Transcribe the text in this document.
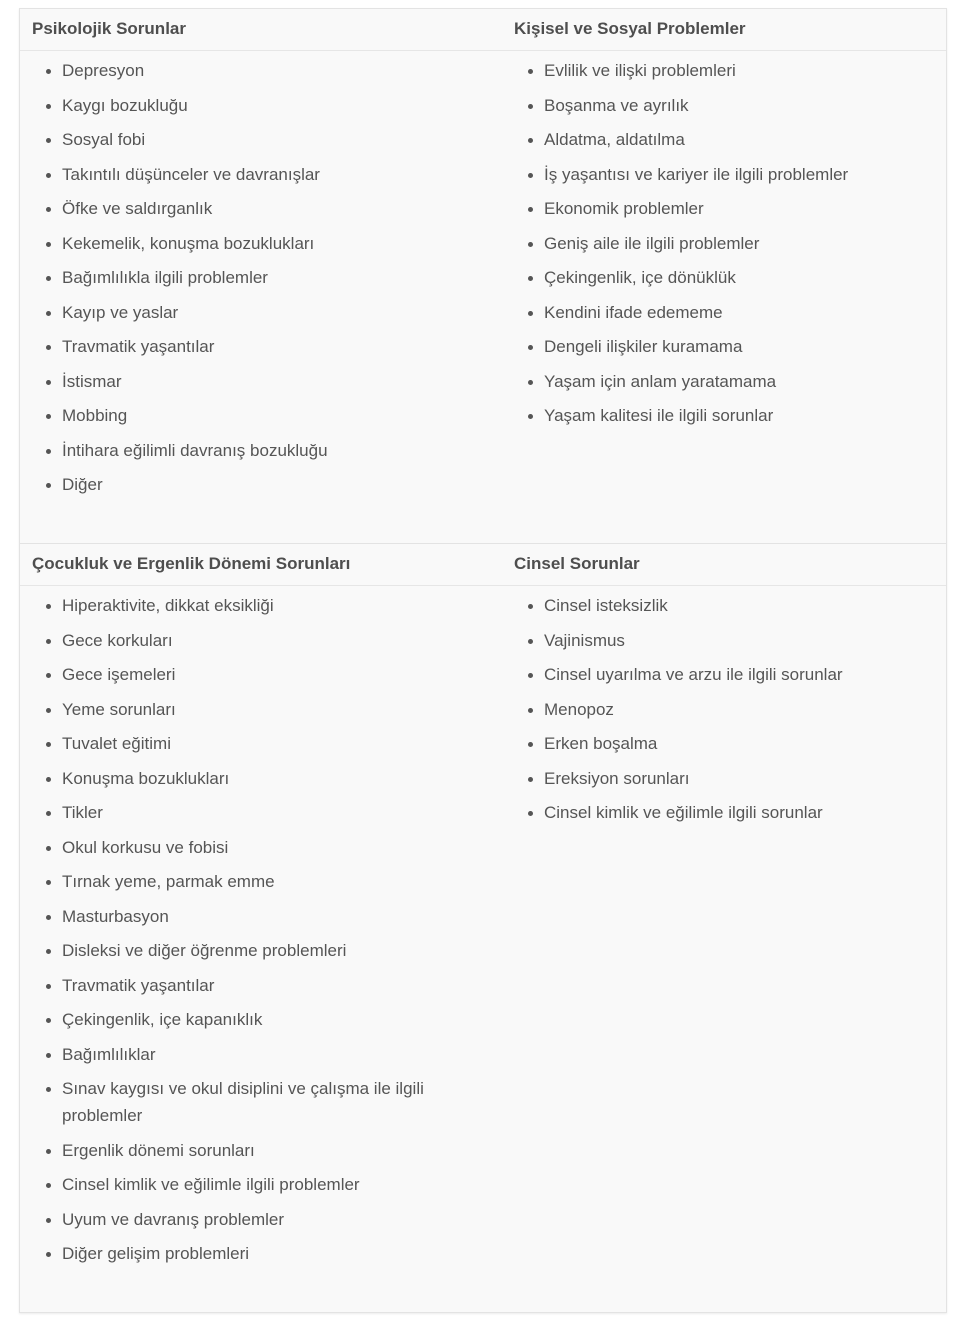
Psikolojik Sorunlar
Depresyon
Kaygı bozukluğu
Sosyal fobi
Takıntılı düşünceler ve davranışlar
Öfke ve saldırganlık
Kekemelik, konuşma bozuklukları
Bağımlılıkla ilgili problemler
Kayıp ve yaslar
Travmatik yaşantılar
İstismar
Mobbing
İntihara eğilimli davranış bozukluğu
Diğer
Kişisel ve Sosyal Problemler
Evlilik ve ilişki problemleri
Boşanma ve ayrılık
Aldatma, aldatılma
İş yaşantısı ve kariyer ile ilgili problemler
Ekonomik problemler
Geniş aile ile ilgili problemler
Çekingenlik, içe dönüklük
Kendini ifade edememe
Dengeli ilişkiler kuramama
Yaşam için anlam yaratamama
Yaşam kalitesi ile ilgili sorunlar
Çocukluk ve Ergenlik Dönemi Sorunları
Hiperaktivite, dikkat eksikliği
Gece korkuları
Gece işemeleri
Yeme sorunları
Tuvalet eğitimi
Konuşma bozuklukları
Tikler
Okul korkusu ve fobisi
Tırnak yeme, parmak emme
Masturbasyon
Disleksi ve diğer öğrenme problemleri
Travmatik yaşantılar
Çekingenlik, içe kapanıklık
Bağımlılıklar
Sınav kaygısı ve okul disiplini ve çalışma ile ilgili problemler
Ergenlik dönemi sorunları
Cinsel kimlik ve eğilimle ilgili problemler
Uyum ve davranış problemler
Diğer gelişim problemleri
Cinsel Sorunlar
Cinsel isteksizlik
Vajinismus
Cinsel uyarılma ve arzu ile ilgili sorunlar
Menopoz
Erken boşalma
Ereksiyon sorunları
Cinsel kimlik ve eğilimle ilgili sorunlar
